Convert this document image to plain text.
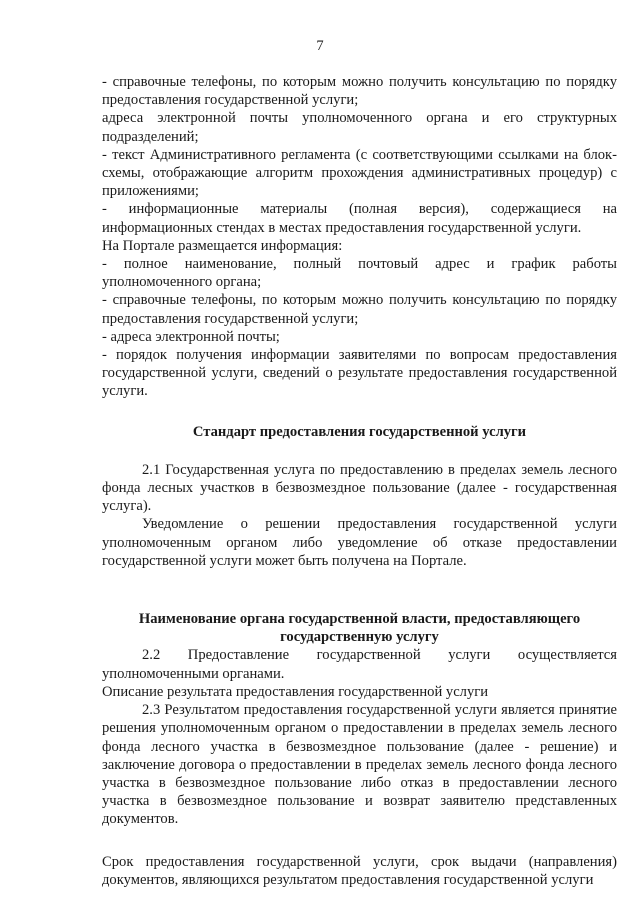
7

- справочные телефоны, по которым можно получить консультацию по порядку предоставления государственной услуги;

адреса электронной почты уполномоченного органа и его структурных подразделений;

- текст Административного регламента (с соответствующими ссылками на блок-схемы, отображающие алгоритм прохождения административных процедур) с приложениями;

- информационные материалы (полная версия), содержащиеся на информационных стендах в местах предоставления государственной услуги.

На Портале размещается информация:

- полное наименование, полный почтовый адрес и график работы уполномоченного органа;

- справочные телефоны, по которым можно получить консультацию по порядку предоставления государственной услуги;

- адреса электронной почты;

- порядок получения информации заявителями по вопросам предоставления государственной услуги, сведений о результате предоставления государственной услуги.

Стандарт предоставления государственной услуги

2.1 Государственная услуга по предоставлению в пределах земель лесного фонда лесных участков в безвозмездное пользование (далее - государственная услуга).

Уведомление о решении предоставления государственной услуги уполномоченным органом либо уведомление об отказе предоставлении государственной услуги может быть получена на Портале.

Наименование органа государственной власти, предоставляющего государственную услугу

2.2 Предоставление государственной услуги осуществляется уполномоченными органами.

Описание результата предоставления государственной услуги

2.3 Результатом предоставления государственной услуги является принятие решения уполномоченным органом о предоставлении в пределах земель лесного фонда лесного участка в безвозмездное пользование (далее - решение) и заключение договора о предоставлении в пределах земель лесного фонда лесного участка в безвозмездное пользование либо отказ в предоставлении лесного участка в безвозмездное пользование и возврат заявителю представленных документов.

Срок предоставления государственной услуги, срок выдачи (направления) документов, являющихся результатом предоставления государственной услуги
